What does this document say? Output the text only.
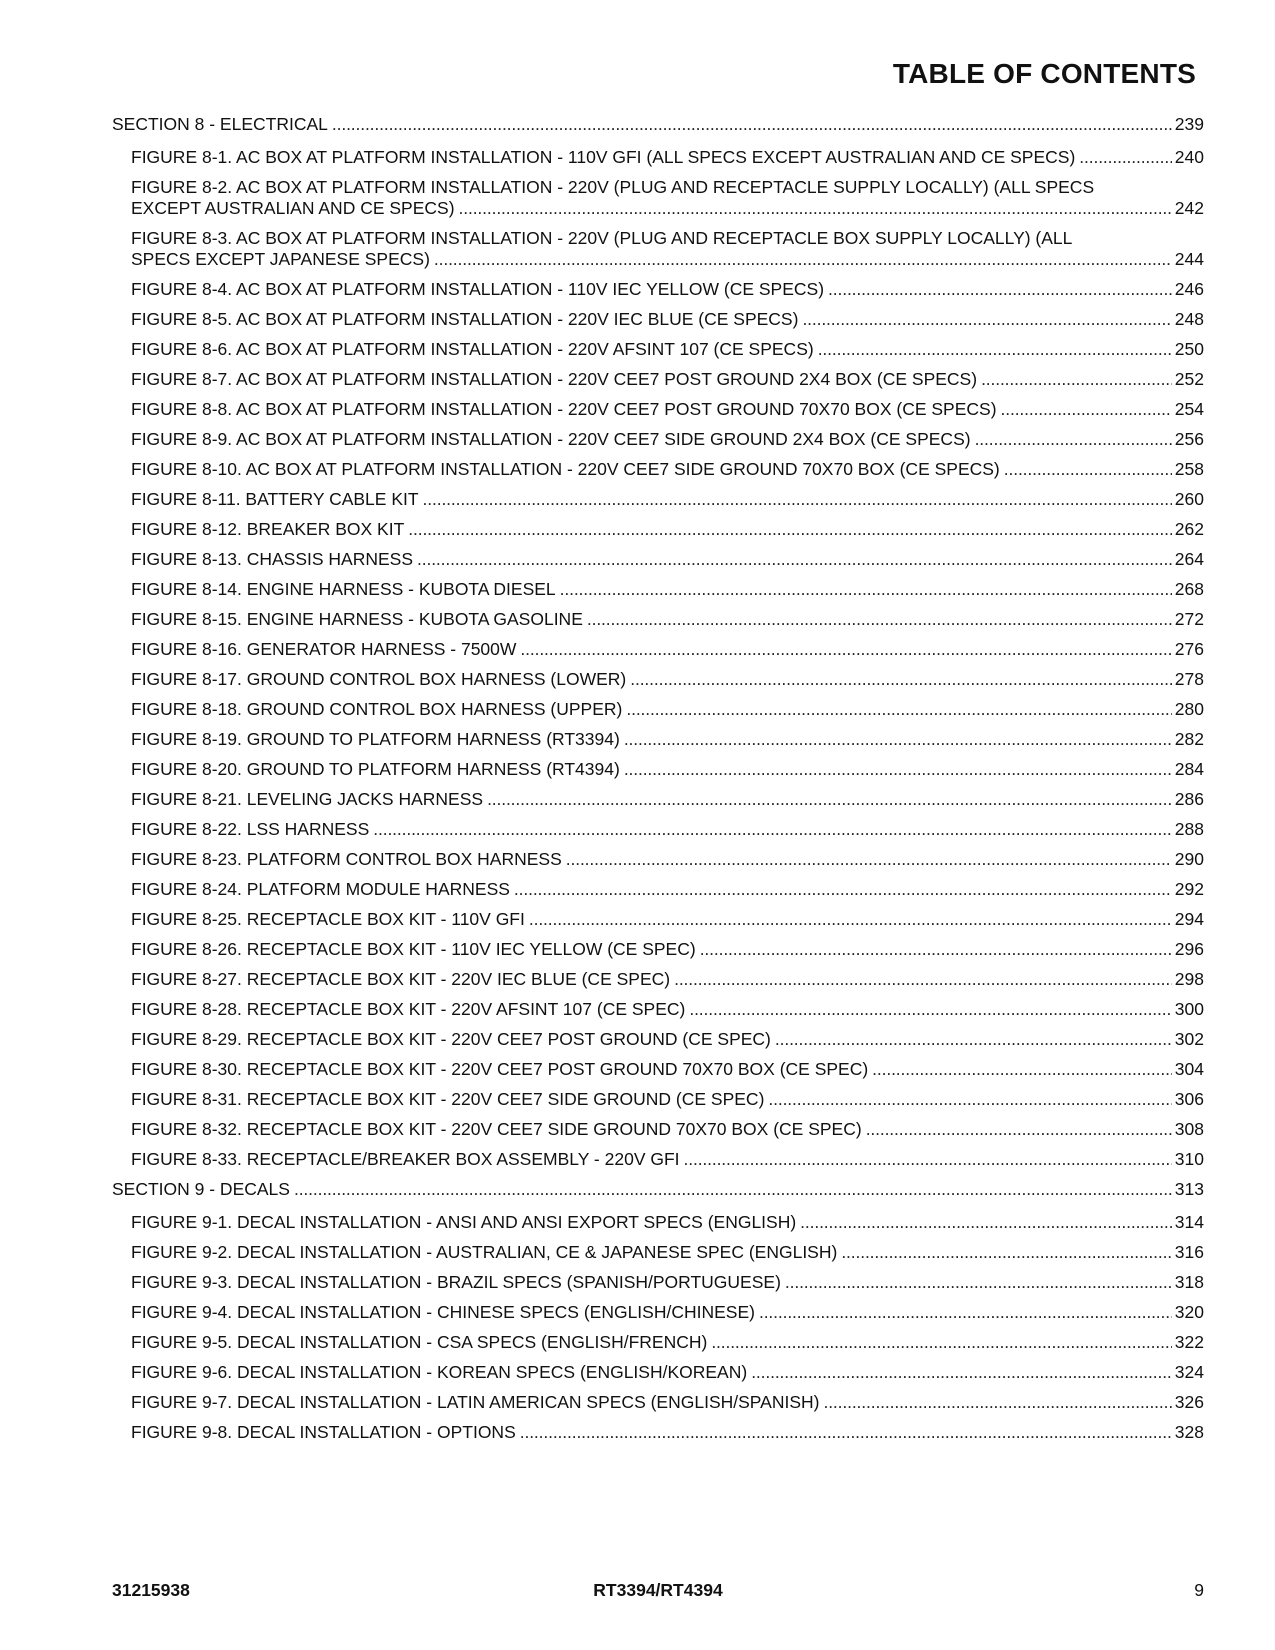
TABLE OF CONTENTS
SECTION 8 - ELECTRICAL . . .	239
FIGURE 8-1. AC BOX AT PLATFORM INSTALLATION - 110V GFI (ALL SPECS EXCEPT AUSTRALIAN AND CE SPECS) . . .	240
FIGURE 8-2. AC BOX AT PLATFORM INSTALLATION - 220V (PLUG AND RECEPTACLE SUPPLY LOCALLY) (ALL SPECS
EXCEPT AUSTRALIAN AND CE SPECS) . . .	242
FIGURE 8-3. AC BOX AT PLATFORM INSTALLATION - 220V (PLUG AND RECEPTACLE BOX SUPPLY LOCALLY) (ALL
SPECS EXCEPT JAPANESE SPECS) . . .	244
FIGURE 8-4. AC BOX AT PLATFORM INSTALLATION - 110V IEC YELLOW (CE SPECS) . . .	246
FIGURE 8-5. AC BOX AT PLATFORM INSTALLATION - 220V IEC BLUE (CE SPECS) . . .	248
FIGURE 8-6. AC BOX AT PLATFORM INSTALLATION - 220V AFSINT 107 (CE SPECS) . . .	250
FIGURE 8-7. AC BOX AT PLATFORM INSTALLATION - 220V CEE7 POST GROUND 2X4 BOX (CE SPECS) . . .	252
FIGURE 8-8. AC BOX AT PLATFORM INSTALLATION - 220V CEE7 POST GROUND 70X70 BOX (CE SPECS) . . .	254
FIGURE 8-9. AC BOX AT PLATFORM INSTALLATION - 220V CEE7 SIDE GROUND 2X4 BOX (CE SPECS) . . .	256
FIGURE 8-10. AC BOX AT PLATFORM INSTALLATION - 220V CEE7 SIDE GROUND 70X70 BOX (CE SPECS) . . .	258
FIGURE 8-11. BATTERY CABLE KIT . . .	260
FIGURE 8-12. BREAKER BOX KIT . . .	262
FIGURE 8-13. CHASSIS HARNESS . . .	264
FIGURE 8-14. ENGINE HARNESS - KUBOTA DIESEL . . .	268
FIGURE 8-15. ENGINE HARNESS - KUBOTA GASOLINE . . .	272
FIGURE 8-16. GENERATOR HARNESS - 7500W . . .	276
FIGURE 8-17. GROUND CONTROL BOX HARNESS (LOWER) . . .	278
FIGURE 8-18. GROUND CONTROL BOX HARNESS (UPPER) . . .	280
FIGURE 8-19. GROUND TO PLATFORM HARNESS (RT3394) . . .	282
FIGURE 8-20. GROUND TO PLATFORM HARNESS (RT4394) . . .	284
FIGURE 8-21. LEVELING JACKS HARNESS . . .	286
FIGURE 8-22. LSS HARNESS . . .	288
FIGURE 8-23. PLATFORM CONTROL BOX HARNESS . . .	290
FIGURE 8-24. PLATFORM MODULE HARNESS . . .	292
FIGURE 8-25. RECEPTACLE BOX KIT - 110V GFI . . .	294
FIGURE 8-26. RECEPTACLE BOX KIT - 110V IEC YELLOW (CE SPEC) . . .	296
FIGURE 8-27. RECEPTACLE BOX KIT - 220V IEC BLUE (CE SPEC) . . .	298
FIGURE 8-28. RECEPTACLE BOX KIT - 220V AFSINT 107 (CE SPEC) . . .	300
FIGURE 8-29. RECEPTACLE BOX KIT - 220V CEE7 POST GROUND (CE SPEC) . . .	302
FIGURE 8-30. RECEPTACLE BOX KIT - 220V CEE7 POST GROUND 70X70 BOX (CE SPEC) . . .	304
FIGURE 8-31. RECEPTACLE BOX KIT - 220V CEE7 SIDE GROUND (CE SPEC) . . .	306
FIGURE 8-32. RECEPTACLE BOX KIT - 220V CEE7 SIDE GROUND 70X70 BOX (CE SPEC) . . .	308
FIGURE 8-33. RECEPTACLE/BREAKER BOX ASSEMBLY - 220V GFI . . .	310
SECTION 9 - DECALS . . .	313
FIGURE 9-1. DECAL INSTALLATION - ANSI AND ANSI EXPORT SPECS (ENGLISH) . . .	314
FIGURE 9-2. DECAL INSTALLATION - AUSTRALIAN, CE & JAPANESE SPEC (ENGLISH) . . .	316
FIGURE 9-3. DECAL INSTALLATION - BRAZIL SPECS (SPANISH/PORTUGUESE) . . .	318
FIGURE 9-4. DECAL INSTALLATION - CHINESE SPECS (ENGLISH/CHINESE) . . .	320
FIGURE 9-5. DECAL INSTALLATION - CSA SPECS (ENGLISH/FRENCH) . . .	322
FIGURE 9-6. DECAL INSTALLATION - KOREAN SPECS (ENGLISH/KOREAN) . . .	324
FIGURE 9-7. DECAL INSTALLATION - LATIN AMERICAN SPECS (ENGLISH/SPANISH) . . .	326
FIGURE 9-8. DECAL INSTALLATION - OPTIONS . . .	328
31215938	RT3394/RT4394	9
